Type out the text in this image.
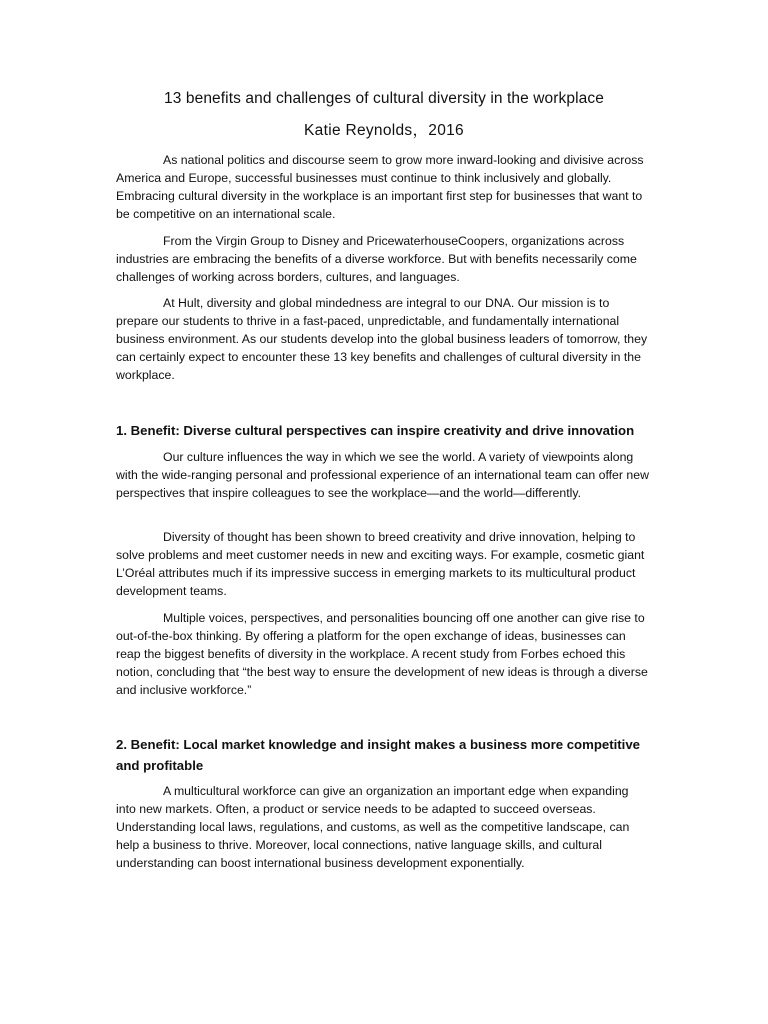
13 benefits and challenges of cultural diversity in the workplace
Katie Reynolds，2016

As national politics and discourse seem to grow more inward-looking and divisive across America and Europe, successful businesses must continue to think inclusively and globally. Embracing cultural diversity in the workplace is an important first step for businesses that want to be competitive on an international scale.

From the Virgin Group to Disney and PricewaterhouseCoopers, organizations across industries are embracing the benefits of a diverse workforce. But with benefits necessarily come challenges of working across borders, cultures, and languages.

At Hult, diversity and global mindedness are integral to our DNA. Our mission is to prepare our students to thrive in a fast-paced, unpredictable, and fundamentally international business environment. As our students develop into the global business leaders of tomorrow, they can certainly expect to encounter these 13 key benefits and challenges of cultural diversity in the workplace.

1. Benefit: Diverse cultural perspectives can inspire creativity and drive innovation

Our culture influences the way in which we see the world. A variety of viewpoints along with the wide-ranging personal and professional experience of an international team can offer new perspectives that inspire colleagues to see the workplace—and the world—differently.

Diversity of thought has been shown to breed creativity and drive innovation, helping to solve problems and meet customer needs in new and exciting ways. For example, cosmetic giant L’Oréal attributes much if its impressive success in emerging markets to its multicultural product development teams.

Multiple voices, perspectives, and personalities bouncing off one another can give rise to out-of-the-box thinking. By offering a platform for the open exchange of ideas, businesses can reap the biggest benefits of diversity in the workplace. A recent study from Forbes echoed this notion, concluding that “the best way to ensure the development of new ideas is through a diverse and inclusive workforce.”

2. Benefit: Local market knowledge and insight makes a business more competitive and profitable

A multicultural workforce can give an organization an important edge when expanding into new markets. Often, a product or service needs to be adapted to succeed overseas. Understanding local laws, regulations, and customs, as well as the competitive landscape, can help a business to thrive. Moreover, local connections, native language skills, and cultural understanding can boost international business development exponentially.
